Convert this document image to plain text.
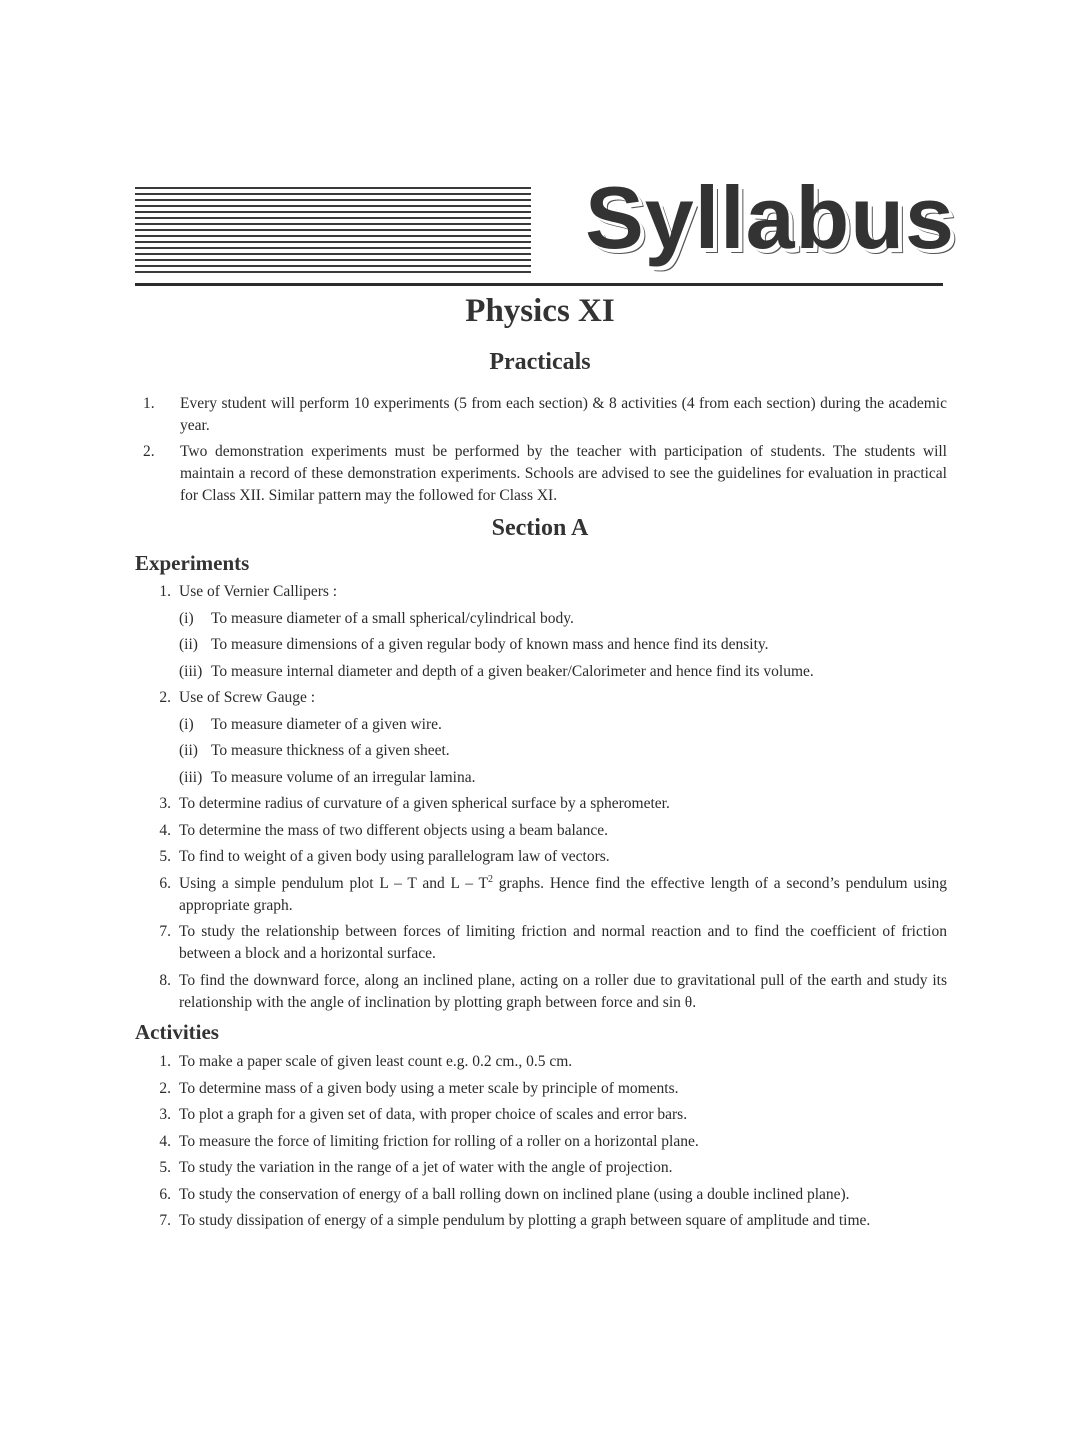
Syllabus
Physics XI
Practicals
1.	Every student will perform 10 experiments (5 from each section) & 8 activities (4 from each section) during the academic year.
2.	Two demonstration experiments must be performed by the teacher with participation of students. The students will maintain a record of these demonstration experiments. Schools are advised to see the guidelines for evaluation in practical for Class XII. Similar pattern may the followed for Class XI.
Section A
Experiments
1. Use of Vernier Callipers :
(i)	To measure diameter of a small spherical/cylindrical body.
(ii) To measure dimensions of a given regular body of known mass and hence find its density.
(iii) To measure internal diameter and depth of a given beaker/Calorimeter and hence find its volume.
2. Use of Screw Gauge :
(i)	To measure diameter of a given wire.
(ii) To measure thickness of a given sheet.
(iii) To measure volume of an irregular lamina.
3. To determine radius of curvature of a given spherical surface by a spherometer.
4. To determine the mass of two different objects using a beam balance.
5. To find to weight of a given body using parallelogram law of vectors.
6. Using a simple pendulum plot L – T and L – $T^2$ graphs. Hence find the effective length of a second’s pendulum using appropriate graph.
7. To study the relationship between forces of limiting friction and normal reaction and to find the coefficient of friction between a block and a horizontal surface.
8. To find the downward force, along an inclined plane, acting on a roller due to gravitational pull of the earth and study its relationship with the angle of inclination by plotting graph between force and sin θ.
Activities
1. To make a paper scale of given least count e.g. 0.2 cm., 0.5 cm.
2. To determine mass of a given body using a meter scale by principle of moments.
3. To plot a graph for a given set of data, with proper choice of scales and error bars.
4. To measure the force of limiting friction for rolling of a roller on a horizontal plane.
5. To study the variation in the range of a jet of water with the angle of projection.
6. To study the conservation of energy of a ball rolling down on inclined plane (using a double inclined plane).
7. To study dissipation of energy of a simple pendulum by plotting a graph between square of amplitude and time.
